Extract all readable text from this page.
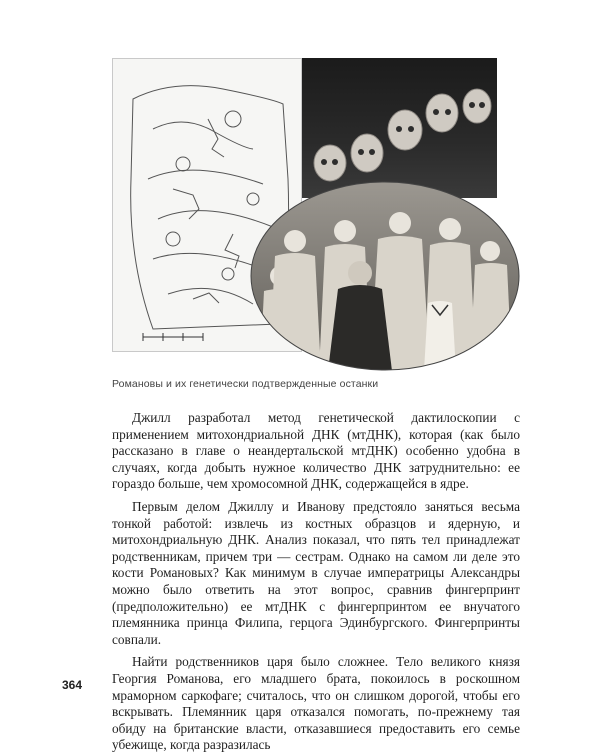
Романовы и их генетически подтвержденные останки

Джилл разработал метод генетической дактилоскопии с применением митохондриальной ДНК (мтДНК), которая (как было рассказано в главе о неандертальской мтДНК) особенно удобна в случаях, когда добыть нужное количество ДНК затруднительно: ее гораздо больше, чем хромосомной ДНК, содержащейся в ядре.

Первым делом Джиллу и Иванову предстояло заняться весьма тонкой работой: извлечь из костных образцов и ядерную, и митохондриальную ДНК. Анализ показал, что пять тел принадлежат родственникам, причем три — сестрам. Однако на самом ли деле это кости Романовых? Как минимум в случае императрицы Александры можно было ответить на этот вопрос, сравнив фингерпринт (предположительно) ее мтДНК с фингерпринтом ее внучатого племянника принца Филипа, герцога Эдинбургского. Фингерпринты совпали.

Найти родственников царя было сложнее. Тело великого князя Георгия Романова, его младшего брата, покоилось в роскошном мраморном саркофаге; считалось, что он слишком дорогой, чтобы его вскрывать. Племянник царя отказался помогать, по-прежнему тая обиду на британские власти, отказавшиеся предоставить его семье убежище, когда разразилась

364
